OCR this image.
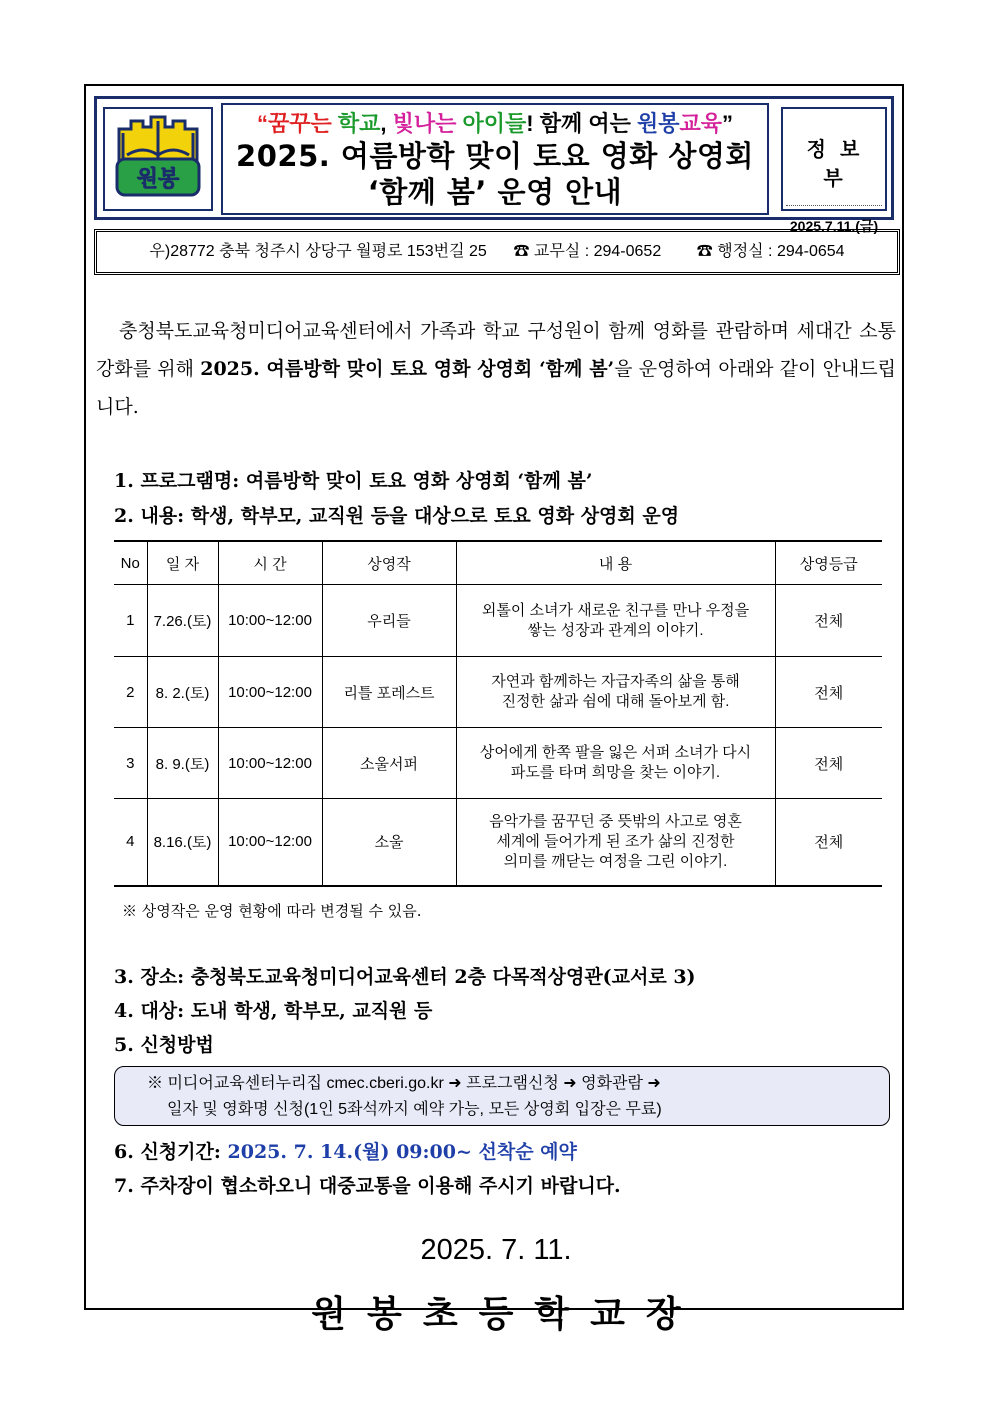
원봉
“꿈꾸는 학교, 빛나는 아이들! 함께 여는 원봉교육”
2025. 여름방학 맞이 토요 영화 상영회
‘함께 봄’ 운영 안내
정보부
2025.7.11.(금)
우)28772 충북 청주시 상당구 월평로 153번길 25 ☎ 교무실 : 294-0652 ☎ 행정실 : 294-0654
충청북도교육청미디어교육센터에서 가족과 학교 구성원이 함께 영화를 관람하며 세대간 소통 강화를 위해 2025. 여름방학 맞이 토요 영화 상영회 ‘함께 봄’을 운영하여 아래와 같이 안내드립니다.
1. 프로그램명: 여름방학 맞이 토요 영화 상영회 ‘함께 봄’
2. 내용: 학생, 학부모, 교직원 등을 대상으로 토요 영화 상영회 운영
No	일 자	시 간	상영작	내 용	상영등급
1	7.26.(토)	10:00~12:00	우리들	외톨이 소녀가 새로운 친구를 만나 우정을
쌓는 성장과 관계의 이야기.	전체
2	8. 2.(토)	10:00~12:00	리틀 포레스트	자연과 함께하는 자급자족의 삶을 통해
진정한 삶과 쉼에 대해 돌아보게 함.	전체
3	8. 9.(토)	10:00~12:00	소울서퍼	상어에게 한쪽 팔을 잃은 서퍼 소녀가 다시
파도를 타며 희망을 찾는 이야기.	전체
4	8.16.(토)	10:00~12:00	소울	음악가를 꿈꾸던 중 뜻밖의 사고로 영혼
세계에 들어가게 된 조가 삶의 진정한
의미를 깨닫는 여정을 그린 이야기.	전체
※ 상영작은 운영 현황에 따라 변경될 수 있음.
3. 장소: 충청북도교육청미디어교육센터 2층 다목적상영관(교서로 3)
4. 대상: 도내 학생, 학부모, 교직원 등
5. 신청방법
※ 미디어교육센터누리집 cmec.cberi.go.kr ➜ 프로그램신청 ➜ 영화관람 ➜
일자 및 영화명 신청(1인 5좌석까지 예약 가능, 모든 상영회 입장은 무료)
6. 신청기간: 2025. 7. 14.(월) 09:00~ 선착순 예약
7. 주차장이 협소하오니 대중교통을 이용해 주시기 바랍니다.
2025. 7. 11.
원봉초등학교장
